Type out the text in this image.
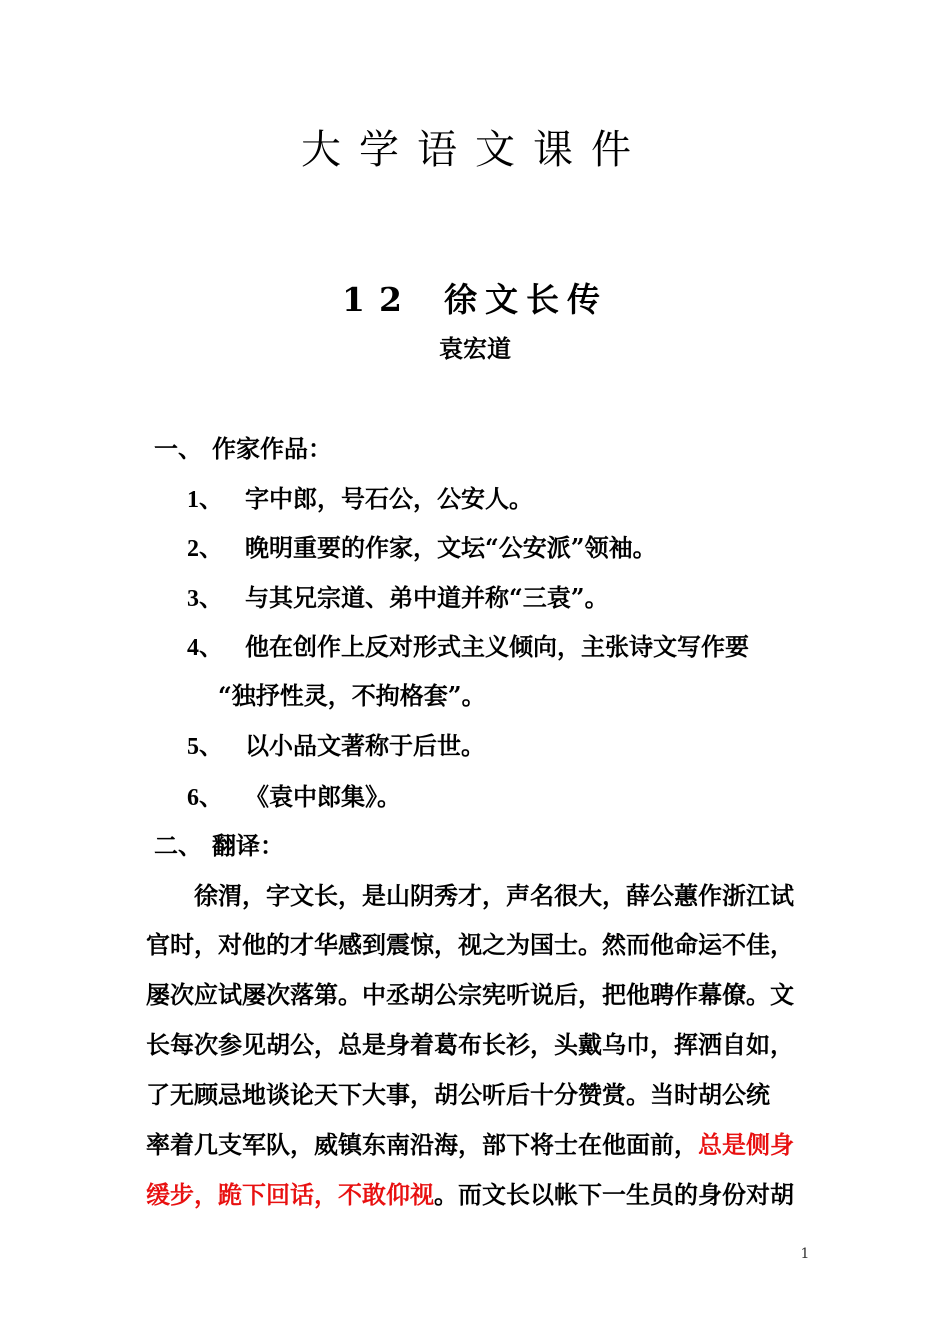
大学语文课件
12 徐文长传
袁宏道
一、 作家作品：
1、 字中郎，号石公，公安人。
2、 晚明重要的作家，文坛“公安派”领袖。
3、 与其兄宗道、弟中道并称“三袁”。
4、 他在创作上反对形式主义倾向，主张诗文写作要
“独抒性灵，不拘格套”。
5、 以小品文著称于后世。
6、 《袁中郎集》。
二、 翻译：
　　徐渭，字文长，是山阴秀才，声名很大，薛公蕙作浙江试
官时，对他的才华感到震惊，视之为国士。然而他命运不佳，
屡次应试屡次落第。中丞胡公宗宪听说后，把他聘作幕僚。文
长每次参见胡公，总是身着葛布长衫，头戴乌巾，挥洒自如，
了无顾忌地谈论天下大事，胡公听后十分赞赏。当时胡公统
率着几支军队，威镇东南沿海，部下将士在他面前，总是侧身
缓步，跪下回话，不敢仰视。而文长以帐下一生员的身份对胡
1
